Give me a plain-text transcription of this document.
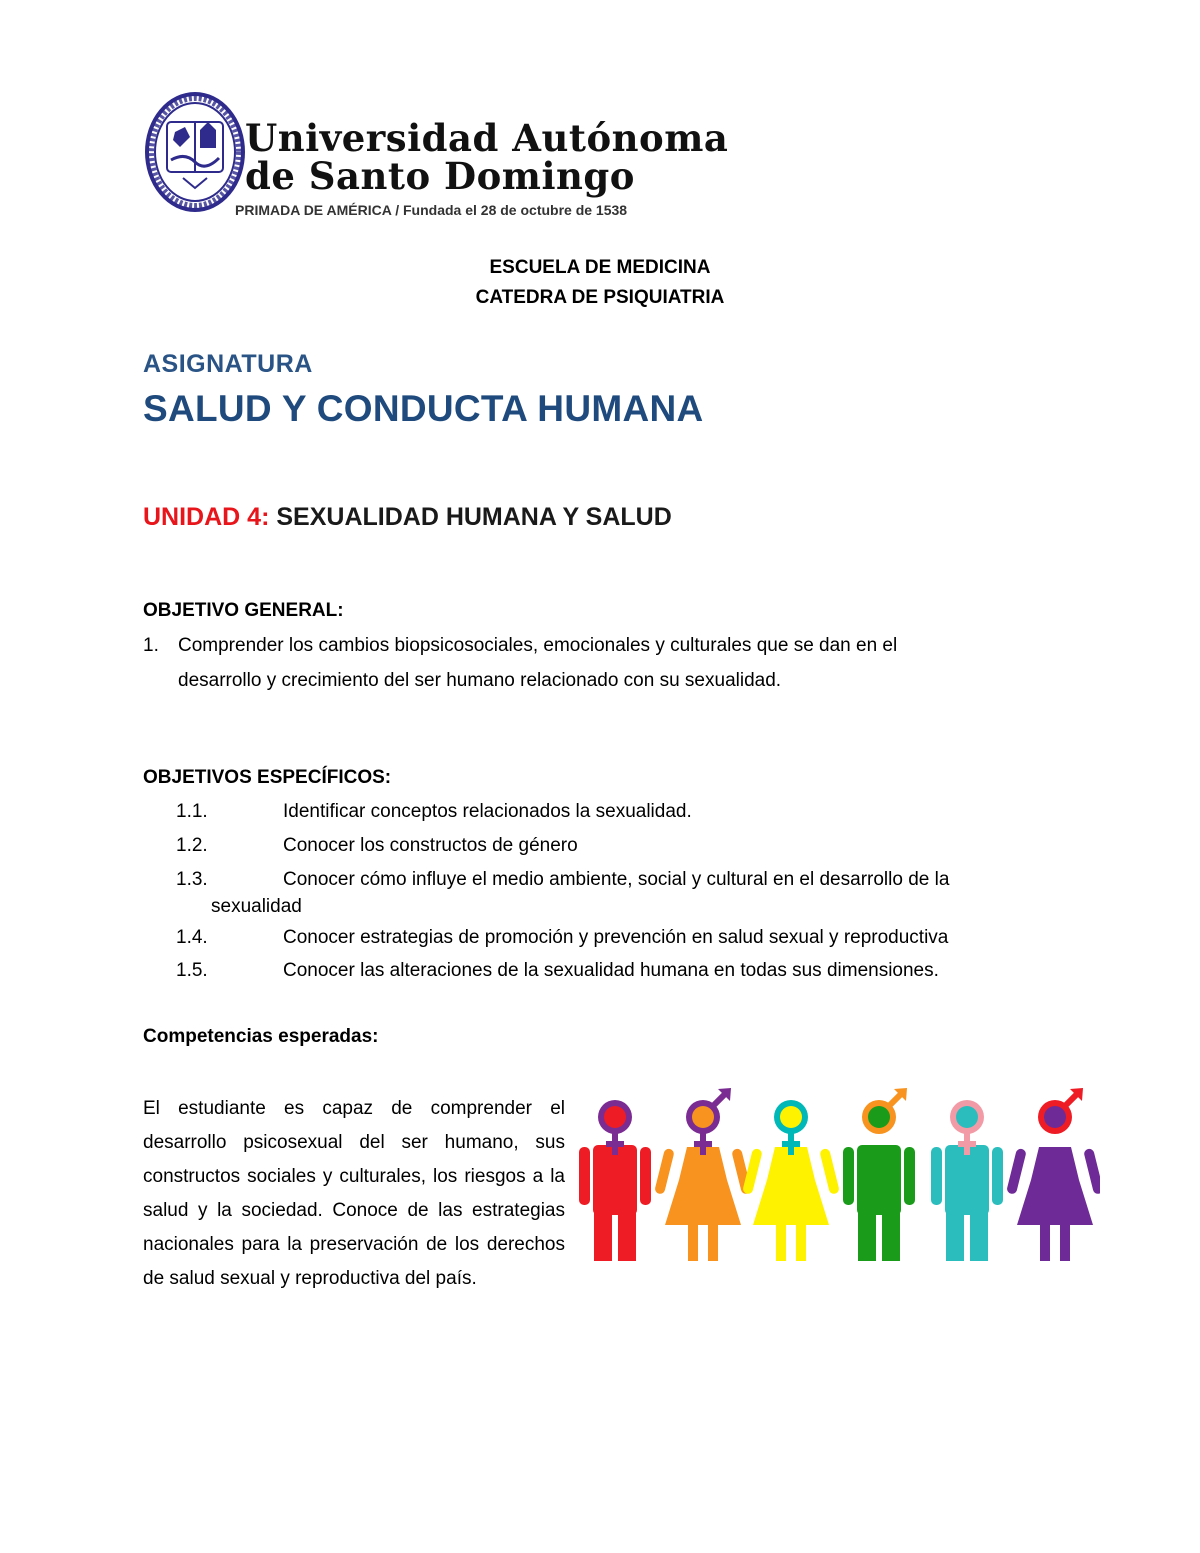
Universidad Autónoma
de Santo Domingo
PRIMADA DE AMÉRICA / Fundada el 28 de octubre de 1538
ESCUELA DE MEDICINA
CATEDRA DE PSIQUIATRIA
ASIGNATURA
SALUD Y CONDUCTA HUMANA
UNIDAD 4: SEXUALIDAD HUMANA Y SALUD
OBJETIVO GENERAL:
1. Comprender los cambios biopsicosociales, emocionales y culturales que se dan en el
desarrollo y crecimiento del ser humano relacionado con su sexualidad.
OBJETIVOS ESPECÍFICOS:
1.1.	Identificar conceptos relacionados la sexualidad.
1.2.	Conocer los constructos de género
1.3.	Conocer cómo influye el medio ambiente, social y cultural en el desarrollo de la
sexualidad
1.4.	Conocer estrategias de promoción y prevención en salud sexual y reproductiva
1.5.	Conocer las alteraciones de la sexualidad humana en todas sus dimensiones.
Competencias esperadas:
El estudiante es capaz de comprender el desarrollo psicosexual del ser humano, sus constructos sociales y culturales, los riesgos a la salud y la sociedad. Conoce de las estrategias nacionales para la preservación de los derechos de salud sexual y reproductiva del país.
